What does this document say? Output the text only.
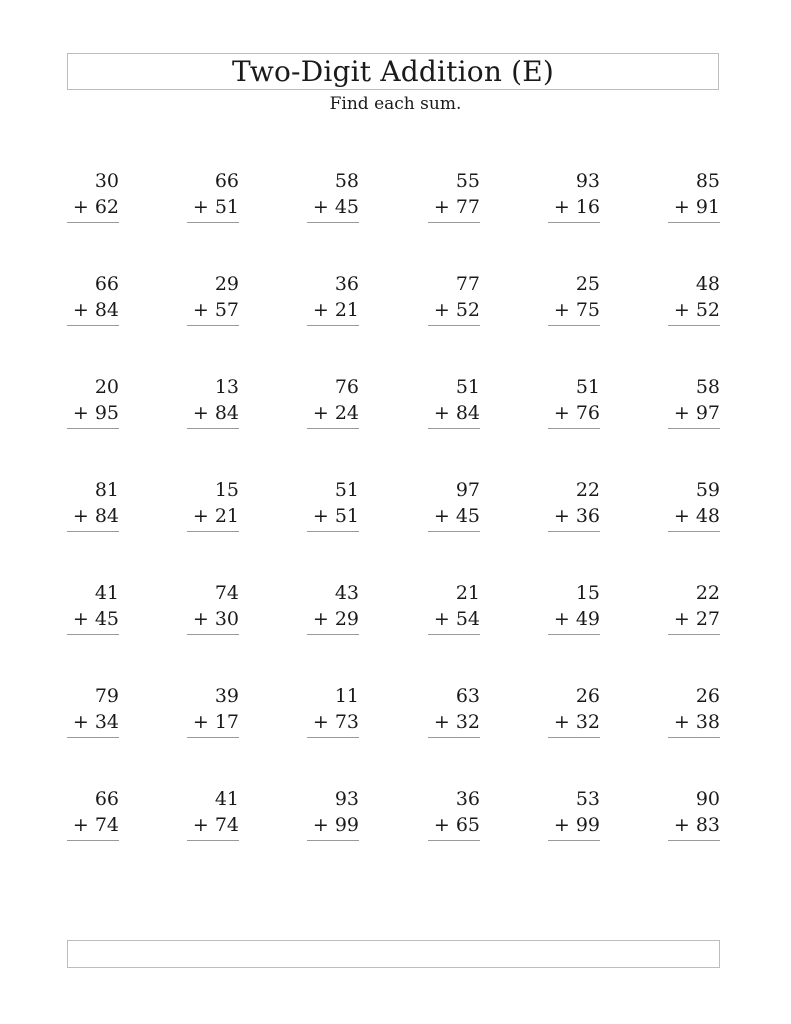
Two-Digit Addition (E)
Find each sum.
30
+ 62
66
+ 51
58
+ 45
55
+ 77
93
+ 16
85
+ 91
66
+ 84
29
+ 57
36
+ 21
77
+ 52
25
+ 75
48
+ 52
20
+ 95
13
+ 84
76
+ 24
51
+ 84
51
+ 76
58
+ 97
81
+ 84
15
+ 21
51
+ 51
97
+ 45
22
+ 36
59
+ 48
41
+ 45
74
+ 30
43
+ 29
21
+ 54
15
+ 49
22
+ 27
79
+ 34
39
+ 17
11
+ 73
63
+ 32
26
+ 32
26
+ 38
66
+ 74
41
+ 74
93
+ 99
36
+ 65
53
+ 99
90
+ 83
